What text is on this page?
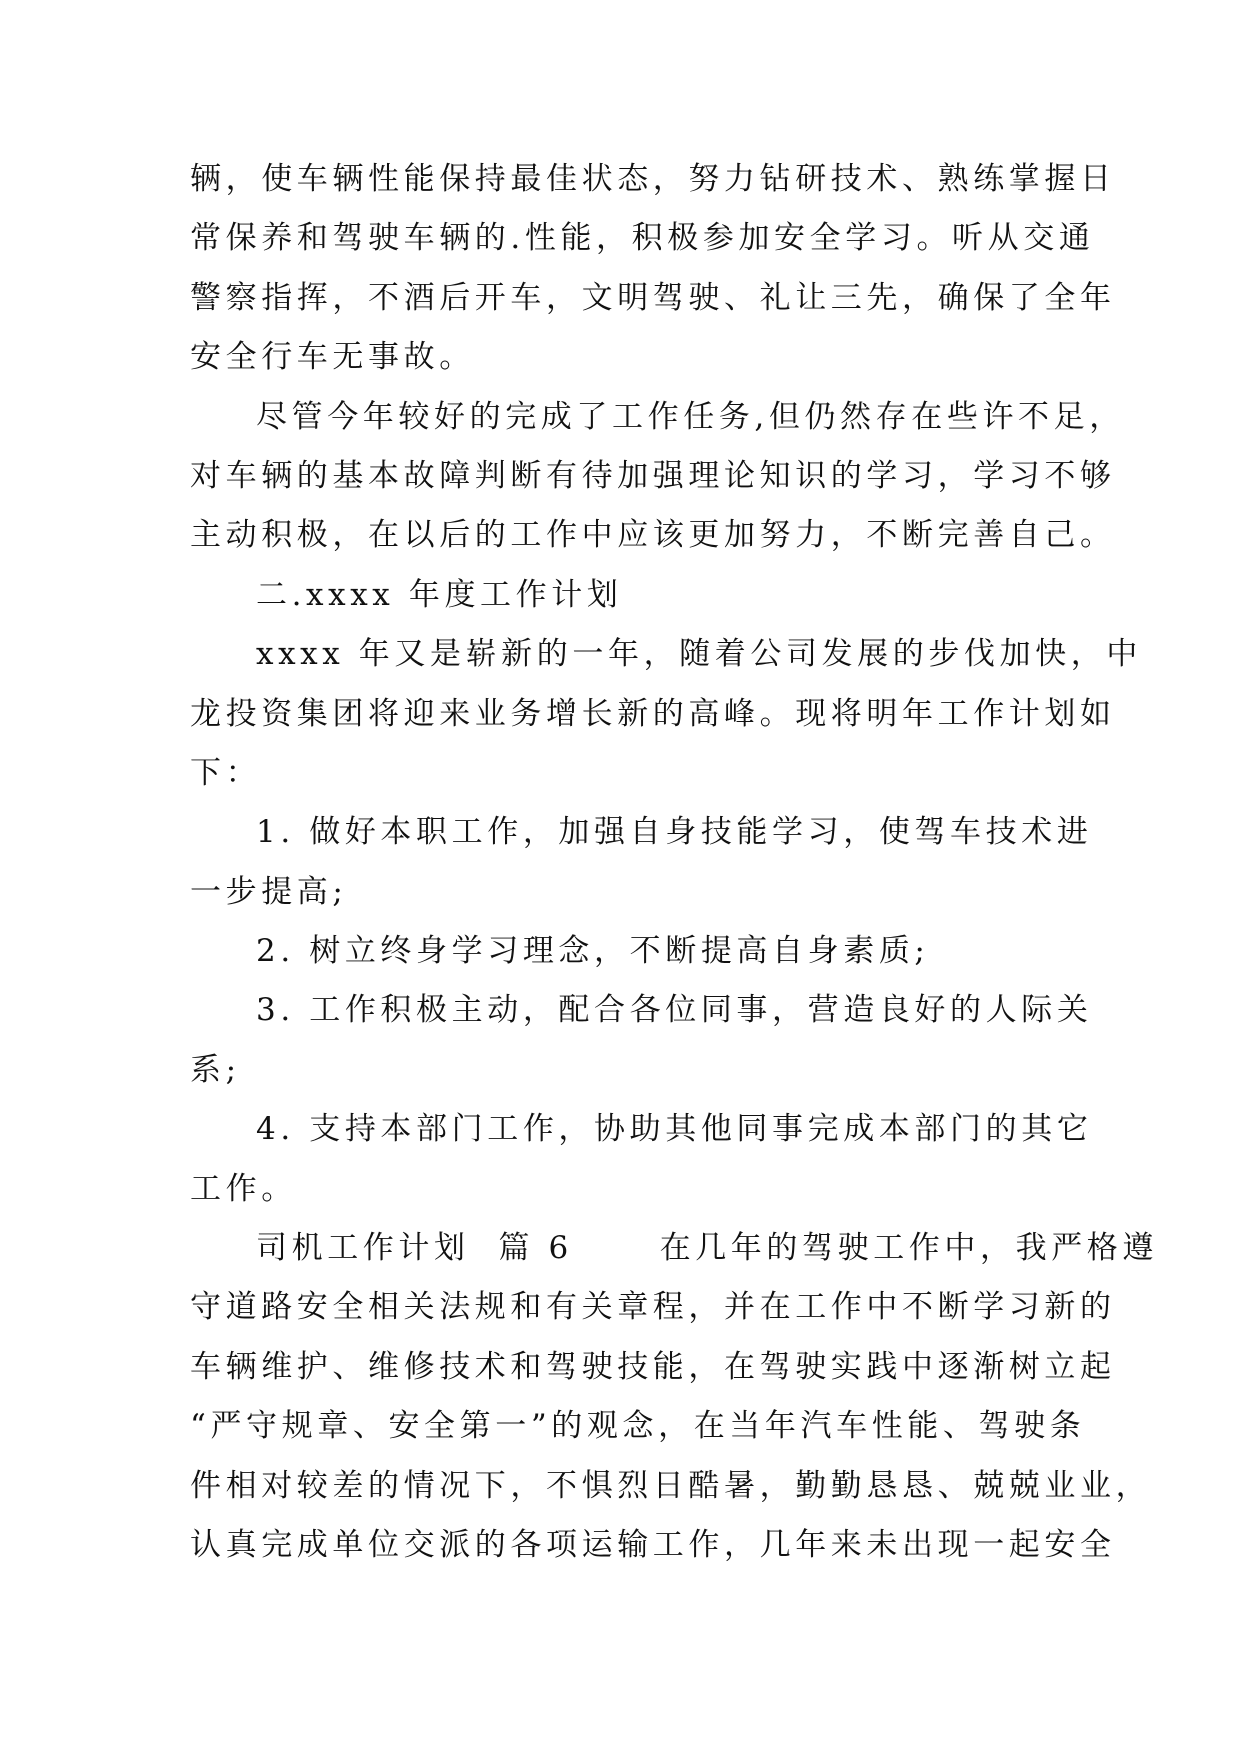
辆，使车辆性能保持最佳状态，努力钻研技术、熟练掌握日
常保养和驾驶车辆的.性能，积极参加安全学习。听从交通
警察指挥，不酒后开车，文明驾驶、礼让三先，确保了全年
安全行车无事故。
尽管今年较好的完成了工作任务,但仍然存在些许不足，
对车辆的基本故障判断有待加强理论知识的学习，学习不够
主动积极，在以后的工作中应该更加努力，不断完善自己。
二.xxxx 年度工作计划
xxxx 年又是崭新的一年，随着公司发展的步伐加快，中
龙投资集团将迎来业务增长新的高峰。现将明年工作计划如
下：
1. 做好本职工作，加强自身技能学习，使驾车技术进
一步提高;
2. 树立终身学习理念，不断提高自身素质;
3. 工作积极主动，配合各位同事，营造良好的人际关
系;
4. 支持本部门工作，协助其他同事完成本部门的其它
工作。
司机工作计划  篇 6      在几年的驾驶工作中，我严格遵
守道路安全相关法规和有关章程，并在工作中不断学习新的
车辆维护、维修技术和驾驶技能，在驾驶实践中逐渐树立起
“严守规章、安全第一”的观念，在当年汽车性能、驾驶条
件相对较差的情况下，不惧烈日酷暑，勤勤恳恳、兢兢业业，
认真完成单位交派的各项运输工作，几年来未出现一起安全
